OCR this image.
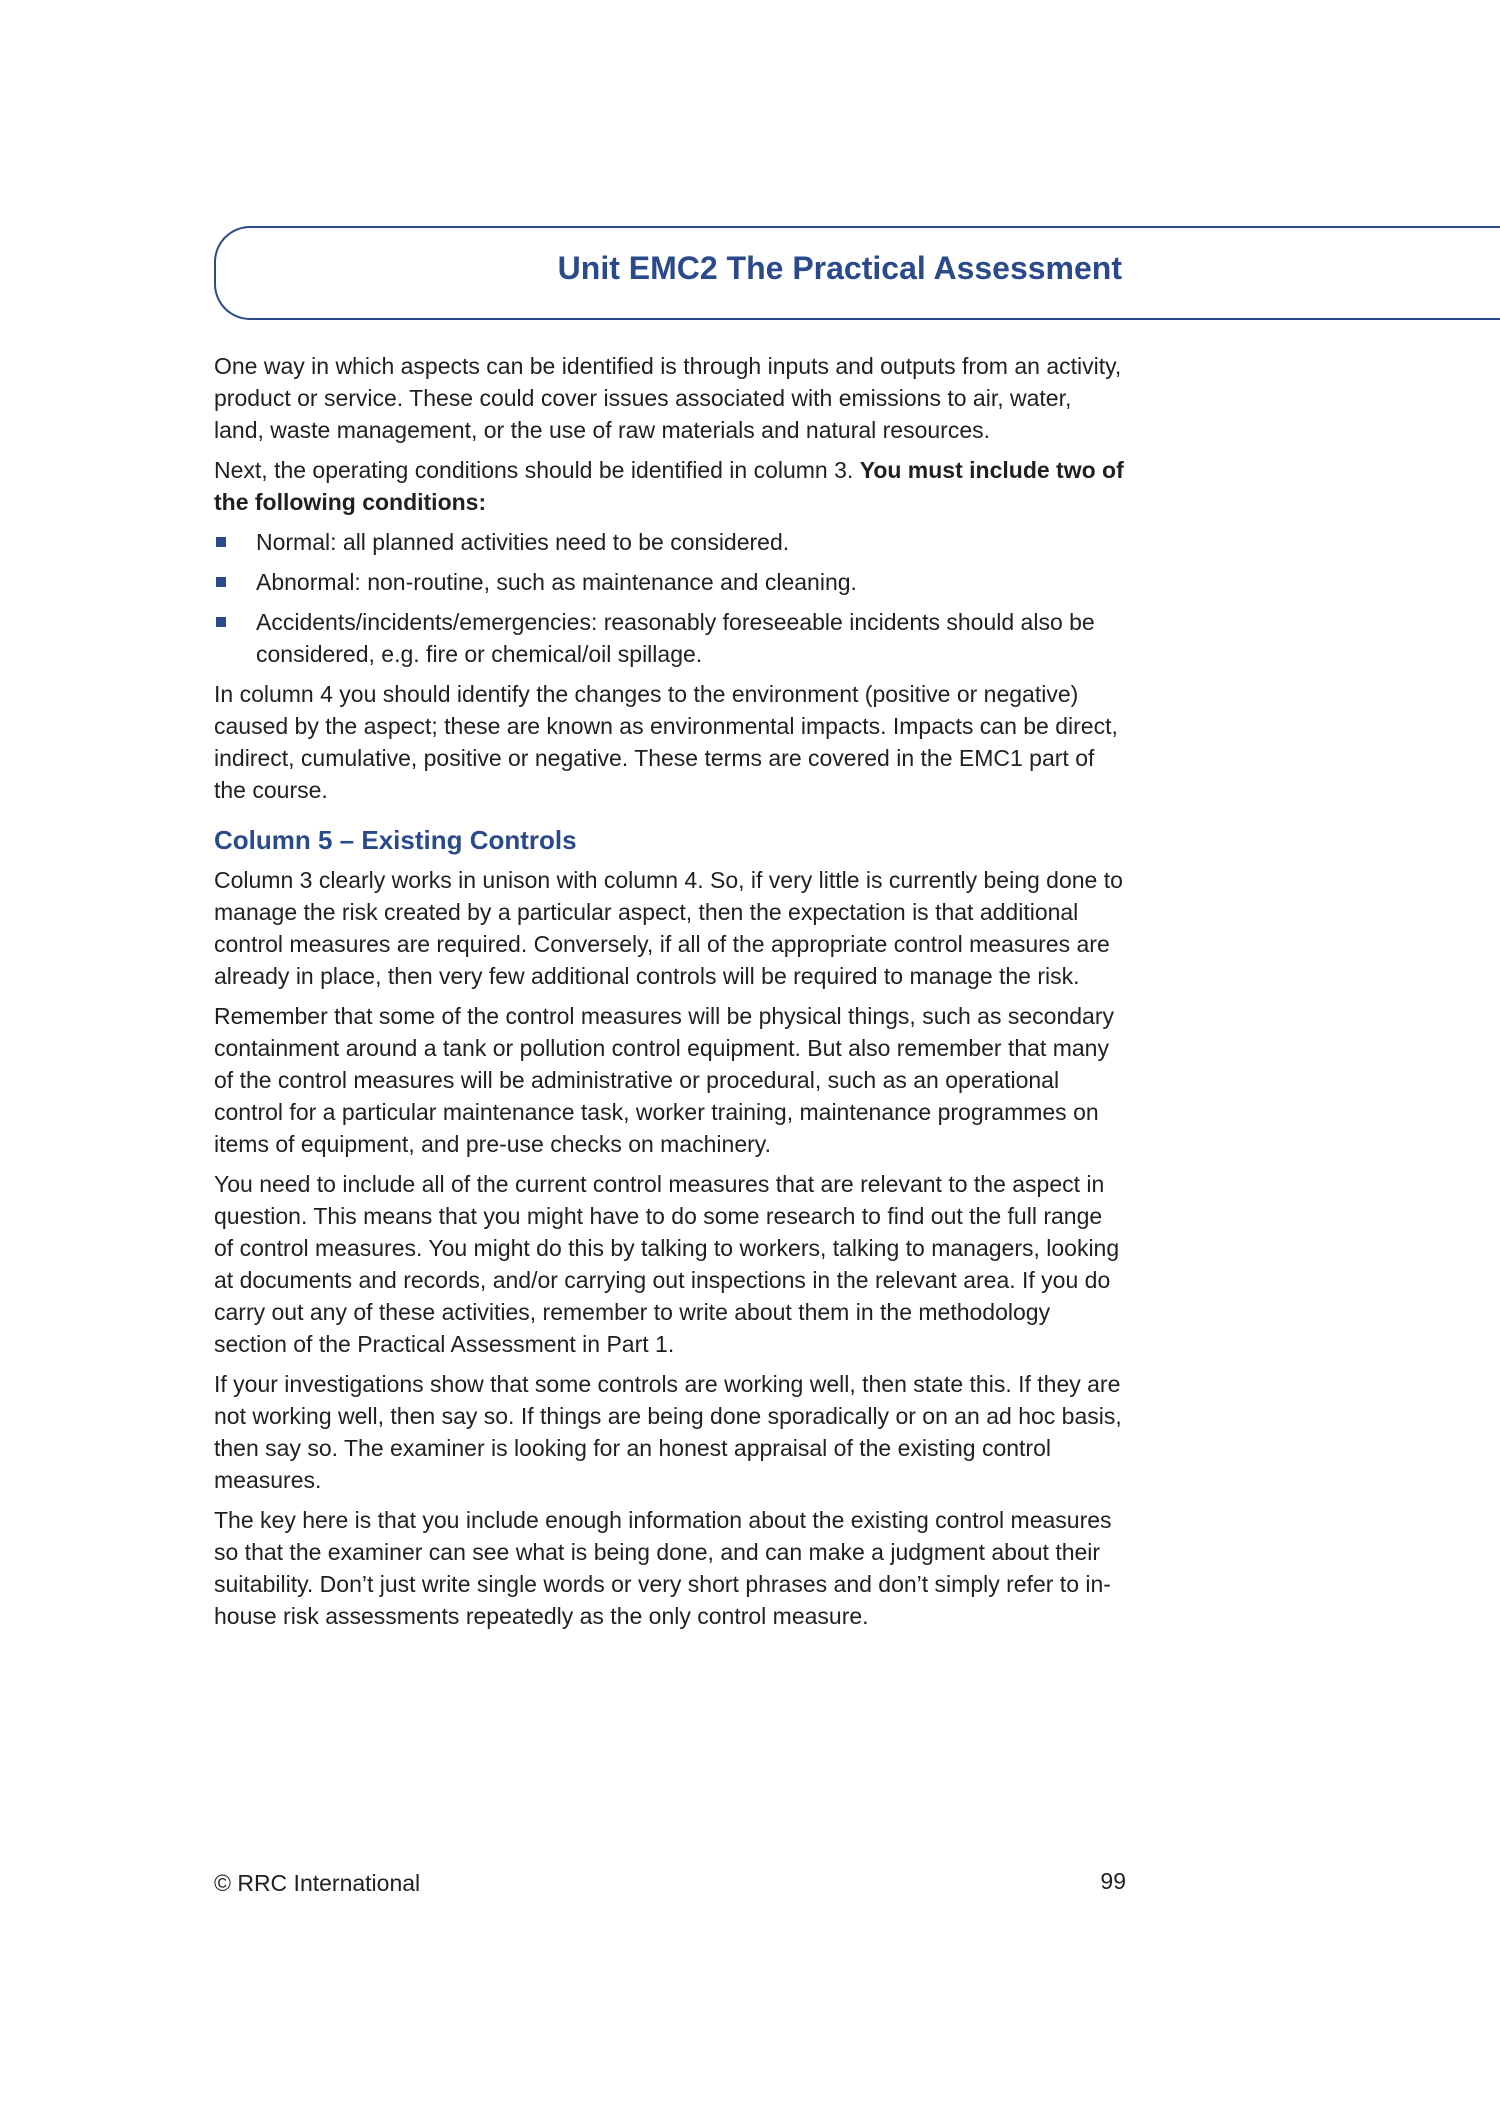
Unit EMC2 The Practical Assessment

One way in which aspects can be identified is through inputs and outputs from an activity, product or service. These could cover issues associated with emissions to air, water, land, waste management, or the use of raw materials and natural resources.

Next, the operating conditions should be identified in column 3. You must include two of the following conditions:

Normal: all planned activities need to be considered.
Abnormal: non-routine, such as maintenance and cleaning.
Accidents/incidents/emergencies: reasonably foreseeable incidents should also be considered, e.g. fire or chemical/oil spillage.

In column 4 you should identify the changes to the environment (positive or negative) caused by the aspect; these are known as environmental impacts. Impacts can be direct, indirect, cumulative, positive or negative. These terms are covered in the EMC1 part of the course.

Column 5 – Existing Controls

Column 3 clearly works in unison with column 4. So, if very little is currently being done to manage the risk created by a particular aspect, then the expectation is that additional control measures are required. Conversely, if all of the appropriate control measures are already in place, then very few additional controls will be required to manage the risk.

Remember that some of the control measures will be physical things, such as secondary containment around a tank or pollution control equipment. But also remember that many of the control measures will be administrative or procedural, such as an operational control for a particular maintenance task, worker training, maintenance programmes on items of equipment, and pre-use checks on machinery.

You need to include all of the current control measures that are relevant to the aspect in question. This means that you might have to do some research to find out the full range of control measures. You might do this by talking to workers, talking to managers, looking at documents and records, and/or carrying out inspections in the relevant area. If you do carry out any of these activities, remember to write about them in the methodology section of the Practical Assessment in Part 1.

If your investigations show that some controls are working well, then state this. If they are not working well, then say so. If things are being done sporadically or on an ad hoc basis, then say so. The examiner is looking for an honest appraisal of the existing control measures.

The key here is that you include enough information about the existing control measures so that the examiner can see what is being done, and can make a judgment about their suitability. Don’t just write single words or very short phrases and don’t simply refer to in-house risk assessments repeatedly as the only control measure.

© RRC International	99
